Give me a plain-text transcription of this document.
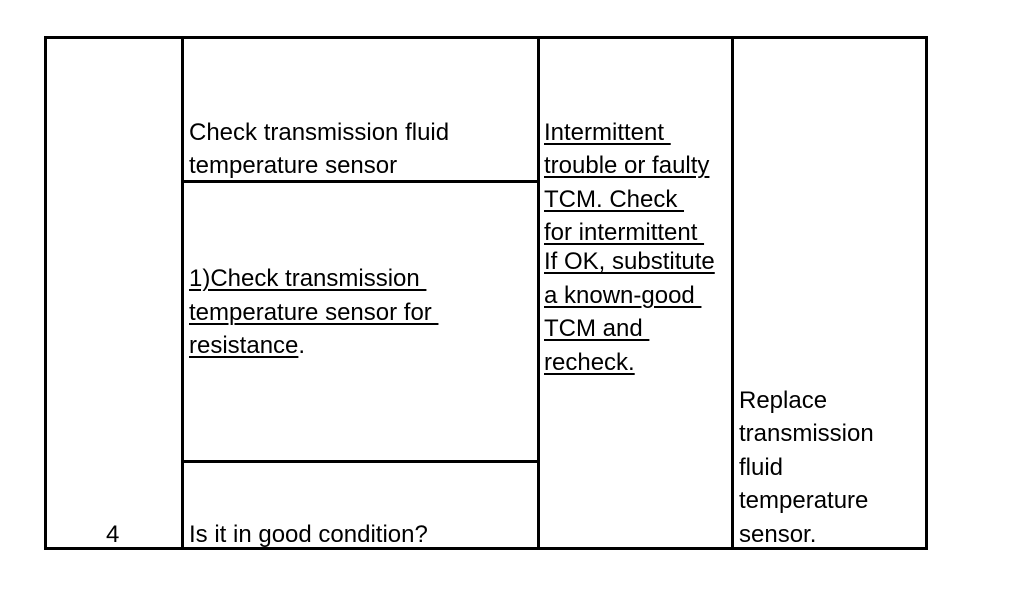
4
Check transmission fluid
temperature sensor
1)Check transmission
temperature sensor for
resistance.
Is it in good condition?
Intermittent
trouble or faulty
TCM. Check
for intermittent
If OK, substitute
a known-good
TCM and
recheck.
Replace
transmission
fluid
temperature
sensor.
